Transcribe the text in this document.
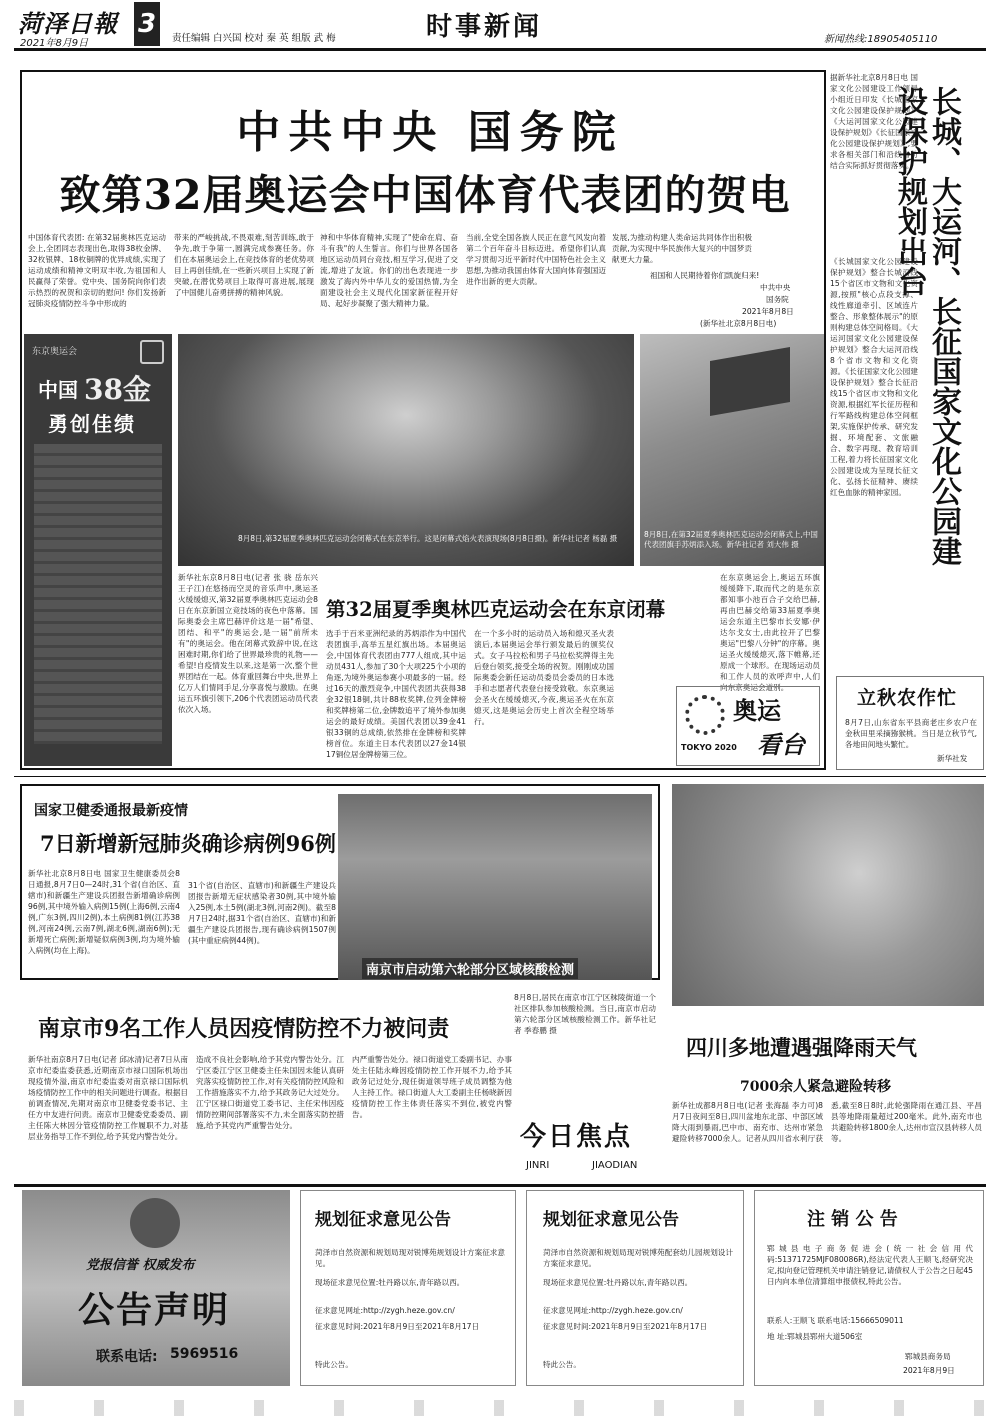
菏泽日報
2021年8月9日
3	责任编辑 白兴国 校对 秦 英 组版 武 梅	时事新闻	新闻热线:18905405110
中共中央 国务院
致第32届奥运会中国体育代表团的贺电
中国体育代表团: 在第32届奥林匹克运动会上,全团同志表现出色,取得38枚金牌、32枚银牌、18枚铜牌的优异成绩,实现了运动成绩和精神文明双丰收,为祖国和人民赢得了荣誉。党中央、国务院向你们表示热烈的祝贺和亲切的慰问! 你们发扬新冠肺炎疫情防控斗争中形成的
带来的严峻挑战,不畏艰难,刻苦训练,敢于争先,敢于争第一,圆满完成参赛任务。你们在本届奥运会上,在竞技体育的老优势项目上再创佳绩,在一些新兴项目上实现了新突破,在潜优势项目上取得可喜进展,展现了中国健儿奋勇拼搏的精神风貌。
神和中华体育精神,实现了"使命在肩、奋斗有我"的人生誓言。你们与世界各国各地区运动员同台竞技,相互学习,促进了交流,增进了友谊。你们的出色表现进一步激发了海内外中华儿女的爱国热情,为全面建设社会主义现代化国家新征程开好局、起好步凝聚了强大精神力量。
当前,全党全国各族人民正在意气风发向着第二个百年奋斗目标迈进。希望你们认真学习贯彻习近平新时代中国特色社会主义思想,为推动我国由体育大国向体育强国迈进作出新的更大贡献。
发展,为推动构建人类命运共同体作出积极贡献,为实现中华民族伟大复兴的中国梦贡献更大力量。
祖国和人民期待着你们凯旋归来!
中共中央
国务院
2021年8月8日
(新华社北京8月8日电)
东京奥运会
中国 38金
勇创佳绩
8月8日,第32届夏季奥林匹克运动会闭幕式在东京举行。这是闭幕式焰火表演现场(8月8日摄)。新华社记者 杨磊 摄	8月8日,在第32届夏季奥林匹克运动会闭幕式上,中国代表团旗手苏炳添入场。新华社记者 刘大伟 摄
新华社东京8月8日电(记者 张 骁 岳东兴 王子江)在悠扬而空灵的音乐声中,奥运圣火缓缓熄灭,第32届夏季奥林匹克运动会8日在东京新国立竞技场的夜色中落幕。国际奥委会主席巴赫评价这是一届"希望、团结、和平"的奥运会,是一届"前所未有"的奥运会。他在闭幕式致辞中说,在这困难时期,你们给了世界最珍贵的礼物——希望!自疫情发生以来,这是第一次,整个世界团结在一起。体育重回舞台中央,世界上亿万人们情同手足,分享喜悦与激励。在奥运五环旗引领下,206个代表团运动员代表依次入场。
第32届夏季奥林匹克运动会在东京闭幕
选手于百米亚洲纪录的苏炳添作为中国代表团旗手,高举五星红旗出场。本届奥运会,中国体育代表团由777人组成,其中运动员431人,参加了30个大项225个小项的角逐,为境外奥运参赛小项最多的一届。经过16天的激烈竞争,中国代表团共获得38金32银18铜,共计88枚奖牌,位列金牌榜和奖牌榜第二位,金牌数追平了境外参加奥运会的最好成绩。美国代表团以39金41银33铜的总成绩,依然排在金牌榜和奖牌榜首位。东道主日本代表团以27金14银17铜位居金牌榜第三位。
在一个多小时的运动员入场和熄灭圣火表演后,本届奥运会举行颁发最后的颁奖仪式。女子马拉松和男子马拉松奖牌得主先后登台领奖,接受全场的祝贺。刚刚成功国际奥委会新任运动员委员会委员的日本选手和志愿者代表登台接受致敬。东京奥运会圣火在缓缓熄灭,今夜,奥运圣火在东京熄灭,这是奥运会历史上首次全程空场举行。
在东京奥运会上,奥运五环旗缓缓降下,取而代之的是东京都知事小池百合子交给巴赫,再由巴赫交给第33届夏季奥运会东道主巴黎市长安娜·伊达尔戈女士,由此拉开了巴黎奥运"巴黎八分钟"的序幕。奥运圣火缓缓熄灭,落下帷幕,还原成一个球形。在现场运动员和工作人员的欢呼声中,人们向东京奥运会道别。
TOKYO 2020
奥运
看台
据新华社北京8月8日电 国家文化公园建设工作领导小组近日印发《长城国家文化公园建设保护规划》《大运河国家文化公园建设保护规划》《长征国家文化公园建设保护规划》,要求各相关部门和沿线省份结合实际抓好贯彻落实。 长城、大运河、长征国家文化公园建设保护规划出台
《长城国家文化公园建设保护规划》整合长城沿线15个省区市文物和文化资源,按照"核心点段支撑、线性廊道牵引、区域连片整合、形象整体展示"的原则构建总体空间格局。《大运河国家文化公园建设保护规划》整合大运河沿线8个省市文物和文化资源。《长征国家文化公园建设保护规划》整合长征沿线15个省区市文物和文化资源,根据红军长征历程和行军路线构建总体空间框架,实施保护传承、研究发掘、环境配套、文旅融合、数字再现、教育培训工程,着力将长征国家文化公园建设成为呈现长征文化、弘扬长征精神、赓续红色血脉的精神家园。
立秋农作忙
8月7日,山东省东平县商老庄乡农户在金秋田里采摘猕猴桃。当日是立秋节气,各地田间地头繁忙。
新华社发
国家卫健委通报最新疫情
7日新增新冠肺炎确诊病例96例
新华社北京8月8日电 国家卫生健康委员会8日通报,8月7日0—24时,31个省(自治区、直辖市)和新疆生产建设兵团报告新增确诊病例96例,其中境外输入病例15例(上海6例,云南4例,广东3例,四川2例),本土病例81例(江苏38例,河南24例,云南7例,湖北6例,湖南6例);无新增死亡病例;新增疑似病例3例,均为境外输入病例(均在上海)。
31个省(自治区、直辖市)和新疆生产建设兵团报告新增无症状感染者30例,其中境外输入25例,本土5例(湖北3例,河南2例)。截至8月7日24时,据31个省(自治区、直辖市)和新疆生产建设兵团报告,现有确诊病例1507例(其中重症病例44例)。
南京市启动第六轮部分区域核酸检测
南京市9名工作人员因疫情防控不力被问责
新华社南京8月7日电(记者 邱冰清)记者7日从南京市纪委监委获悉,近期南京市禄口国际机场出现疫情外溢,南京市纪委监委对南京禄口国际机场疫情防控工作中的相关问题进行调查。根据目前调查情况,先期对南京市卫健委党委书记、主任方中友进行问责。南京市卫健委党委委员、副主任陈大林因分管疫情防控工作履职不力,对基层业务指导工作不到位,给予其党内警告处分。
造成不良社会影响,给予其党内警告处分。江宁区委江宁区卫健委主任朱国因未能认真研究落实疫情防控工作,对有关疫情防控风险和工作措施落实不力,给予其政务记大过处分。江宁区禄口街道党工委书记、主任宋伟因疫情防控期间部署落实不力,未全面落实防控措施,给予其党内严重警告处分。
内严重警告处分。禄口街道党工委副书记、办事处主任陆永峰因疫情防控工作开展不力,给予其政务记过处分,现任街道领导班子成员调整为他人主持工作。禄口街道人大工委副主任杨晓新因疫情防控工作主体责任落实不到位,被党内警告。
8月8日,居民在南京市江宁区秣陵街道一个社区排队参加核酸检测。当日,南京市启动第六轮部分区域核酸检测工作。新华社记者 季春鹏 摄
今日焦点
JINRI	JIAODIAN
四川多地遭遇强降雨天气
7000余人紧急避险转移
新华社成都8月8日电(记者 张海磊 李力可)8月7日夜间至8日,四川盆地东北部、中部区域降大雨到暴雨,巴中市、南充市、达州市紧急避险转移7000余人。记者从四川省水利厅获悉,截至8日8时,此轮强降雨在通江县、平昌县等地降雨量超过200毫米。此外,南充市也共避险转移1800余人,达州市宣汉县转移人员等。
党报信誉 权威发布
公告声明
联系电话: 5969516
规划征求意见公告
菏泽市自然资源和规划局现对锐博苑规划设计方案征求意见。
现场征求意见位置:牡丹路以东,青年路以西。
征求意见网址:http://zygh.heze.gov.cn/
征求意见时间:2021年8月9日至2021年8月17日
特此公告。
规划征求意见公告
菏泽市自然资源和规划局现对锐博苑配套幼儿园规划设计方案征求意见。
现场征求意见位置:牡丹路以东,青年路以西。
征求意见网址:http://zygh.heze.gov.cn/
征求意见时间:2021年8月9日至2021年8月17日
特此公告。
注 销 公 告
郓城县电子商务促进会(统一社会信用代码:51371725MJF080086R),经法定代表人王顺飞,经研究决定,拟向登记管理机关申请注销登记,请债权人于公告之日起45日内向本单位清算组申报债权,特此公告。
联系人:王顺飞 联系电话:15666509011
地 址:郓城县郓州大道506室
郓城县商务局
2021年8月9日
